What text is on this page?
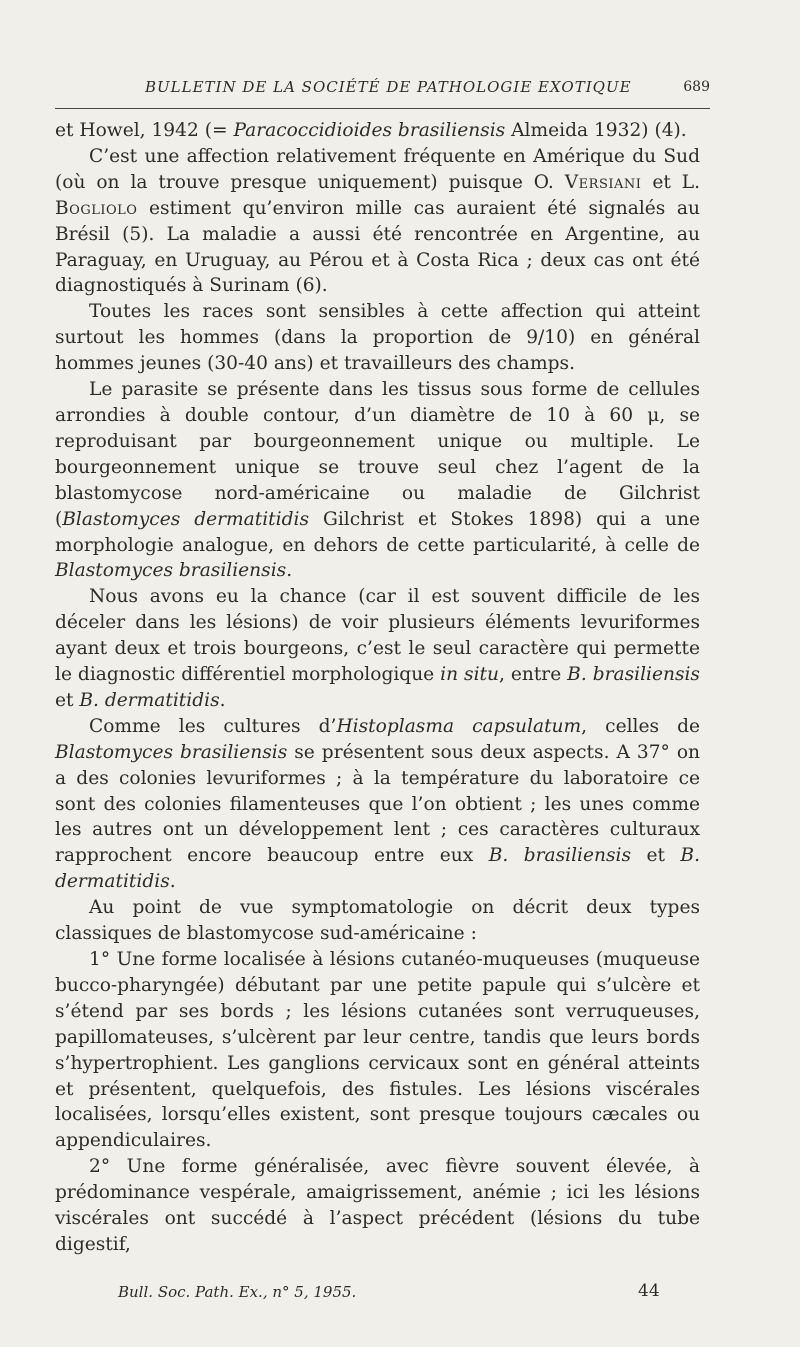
BULLETIN DE LA SOCIÉTÉ DE PATHOLOGIE EXOTIQUE	689

et Howel, 1942 (= Paracoccidioides brasiliensis Almeida 1932) (4).

C’est une affection relativement fréquente en Amérique du Sud (où on la trouve presque uniquement) puisque O. Versiani et L. Bogliolo estiment qu’environ mille cas auraient été signalés au Brésil (5). La maladie a aussi été rencontrée en Argentine, au Paraguay, en Uruguay, au Pérou et à Costa Rica ; deux cas ont été diagnostiqués à Surinam (6).

Toutes les races sont sensibles à cette affection qui atteint surtout les hommes (dans la proportion de 9/10) en général hommes jeunes (30-40 ans) et travailleurs des champs.

Le parasite se présente dans les tissus sous forme de cellules arrondies à double contour, d’un diamètre de 10 à 60 μ, se reproduisant par bourgeonnement unique ou multiple. Le bourgeonnement unique se trouve seul chez l’agent de la blastomycose nord-américaine ou maladie de Gilchrist (Blastomyces dermatitidis Gilchrist et Stokes 1898) qui a une morphologie analogue, en dehors de cette particularité, à celle de Blastomyces brasiliensis.

Nous avons eu la chance (car il est souvent difficile de les déceler dans les lésions) de voir plusieurs éléments levuriformes ayant deux et trois bourgeons, c’est le seul caractère qui permette le diagnostic différentiel morphologique in situ, entre B. brasiliensis et B. dermatitidis.

Comme les cultures d’Histoplasma capsulatum, celles de Blastomyces brasiliensis se présentent sous deux aspects. A 37° on a des colonies levuriformes ; à la température du laboratoire ce sont des colonies filamenteuses que l’on obtient ; les unes comme les autres ont un développement lent ; ces caractères culturaux rapprochent encore beaucoup entre eux B. brasiliensis et B. dermatitidis.

Au point de vue symptomatologie on décrit deux types classiques de blastomycose sud-américaine :

1° Une forme localisée à lésions cutanéo-muqueuses (muqueuse bucco-pharyngée) débutant par une petite papule qui s’ulcère et s’étend par ses bords ; les lésions cutanées sont verruqueuses, papillomateuses, s’ulcèrent par leur centre, tandis que leurs bords s’hypertrophient. Les ganglions cervicaux sont en général atteints et présentent, quelquefois, des fistules. Les lésions viscérales localisées, lorsqu’elles existent, sont presque toujours cæcales ou appendiculaires.

2° Une forme généralisée, avec fièvre souvent élevée, à prédominance vespérale, amaigrissement, anémie ; ici les lésions viscérales ont succédé à l’aspect précédent (lésions du tube digestif,

Bull. Soc. Path. Ex., n° 5, 1955.	44
